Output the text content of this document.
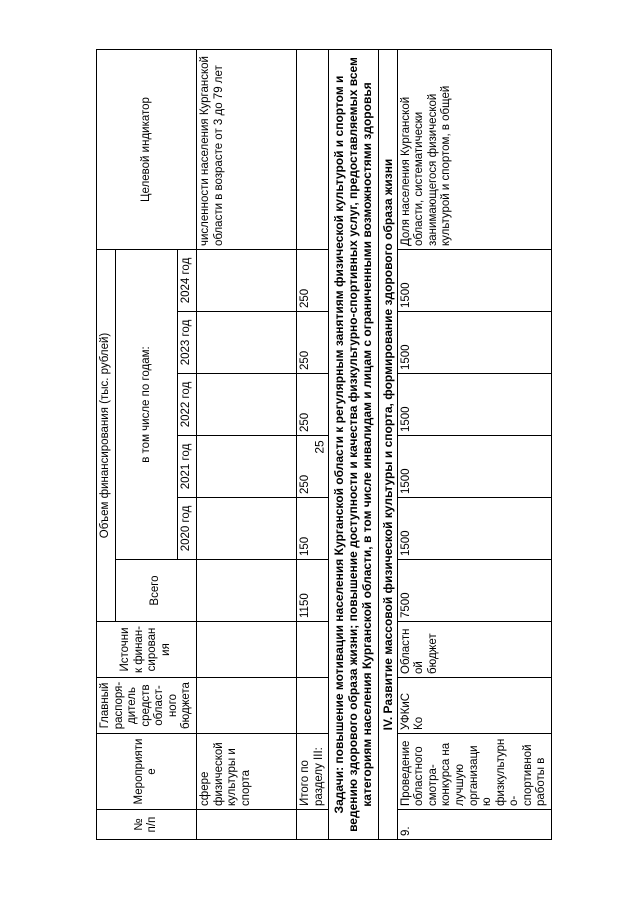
25
№ п/п	Мероприятие	Главный распоря-дитель средств област-ного бюджета	Источник финан-сирования	Объем финансирования (тыс. рублей)						Целевой индикатор
				Всего	в том числе по годам:					
					2020 год	2021 год	2022 год	2023 год	2024 год	
	сфере физической культуры и спорта									численности населения Курганской области в возрасте от 3 до 79 лет
	Итого по разделу III:			1150	150	250	250	250	250	
Задачи: повышение мотивации населения Курганской области к регулярным занятиям физической культурой и спортом и ведению здорового образа жизни; повышение доступности и качества физкультурно-спортивных услуг, предоставляемых всем категориям населения Курганской области, в том числе инвалидам и лицам с ограниченными возможностями здоровья										
IV. Развитие массовой физической культуры и спорта, формирование здорового образа жизни										
9.	Проведение областного смотра-конкурса на лучшую организацию физкультурно-спортивной работы в	УФКиС Ко	Областной бюджет	7500	1500	1500	1500	1500	1500	Доля населения Курганской области, систематически занимающегося физической культурой и спортом, в общей
